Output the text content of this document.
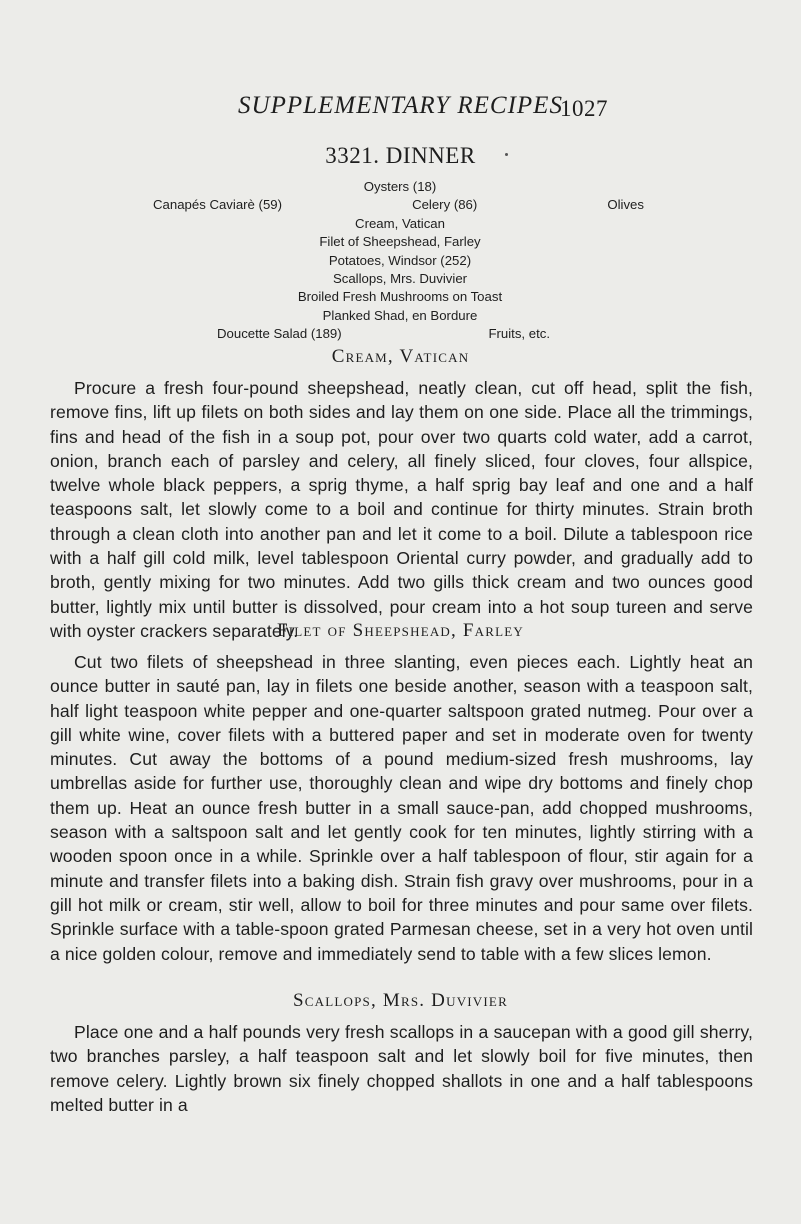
SUPPLEMENTARY RECIPES
1027
3321. DINNER
Oysters (18)
Canapés Caviarè (59)	Celery (86)	Olives
Cream, Vatican
Filet of Sheepshead, Farley
Potatoes, Windsor (252)
Scallops, Mrs. Duvivier
Broiled Fresh Mushrooms on Toast
Planked Shad, en Bordure
Doucette Salad (189)	Fruits, etc.
Cream, Vatican

Procure a fresh four-pound sheepshead, neatly clean, cut off head, split the fish, remove fins, lift up filets on both sides and lay them on one side. Place all the trimmings, fins and head of the fish in a soup pot, pour over two quarts cold water, add a carrot, onion, branch each of parsley and celery, all finely sliced, four cloves, four allspice, twelve whole black peppers, a sprig thyme, a half sprig bay leaf and one and a half teaspoons salt, let slowly come to a boil and continue for thirty minutes. Strain broth through a clean cloth into another pan and let it come to a boil. Dilute a tablespoon rice with a half gill cold milk, level tablespoon Oriental curry powder, and gradually add to broth, gently mixing for two minutes. Add two gills thick cream and two ounces good butter, lightly mix until butter is dissolved, pour cream into a hot soup tureen and serve with oyster crackers separately.

Filet of Sheepshead, Farley

Cut two filets of sheepshead in three slanting, even pieces each. Lightly heat an ounce butter in sauté pan, lay in filets one beside another, season with a teaspoon salt, half light teaspoon white pepper and one-quarter saltspoon grated nutmeg. Pour over a gill white wine, cover filets with a buttered paper and set in moderate oven for twenty minutes. Cut away the bottoms of a pound medium-sized fresh mushrooms, lay umbrellas aside for further use, thoroughly clean and wipe dry bottoms and finely chop them up. Heat an ounce fresh butter in a small sauce-pan, add chopped mushrooms, season with a saltspoon salt and let gently cook for ten minutes, lightly stirring with a wooden spoon once in a while. Sprinkle over a half tablespoon of flour, stir again for a minute and transfer filets into a baking dish. Strain fish gravy over mushrooms, pour in a gill hot milk or cream, stir well, allow to boil for three minutes and pour same over filets. Sprinkle surface with a table-spoon grated Parmesan cheese, set in a very hot oven until a nice golden colour, remove and immediately send to table with a few slices lemon.

Scallops, Mrs. Duvivier

Place one and a half pounds very fresh scallops in a saucepan with a good gill sherry, two branches parsley, a half teaspoon salt and let slowly boil for five minutes, then remove celery. Lightly brown six finely chopped shallots in one and a half tablespoons melted butter in a
